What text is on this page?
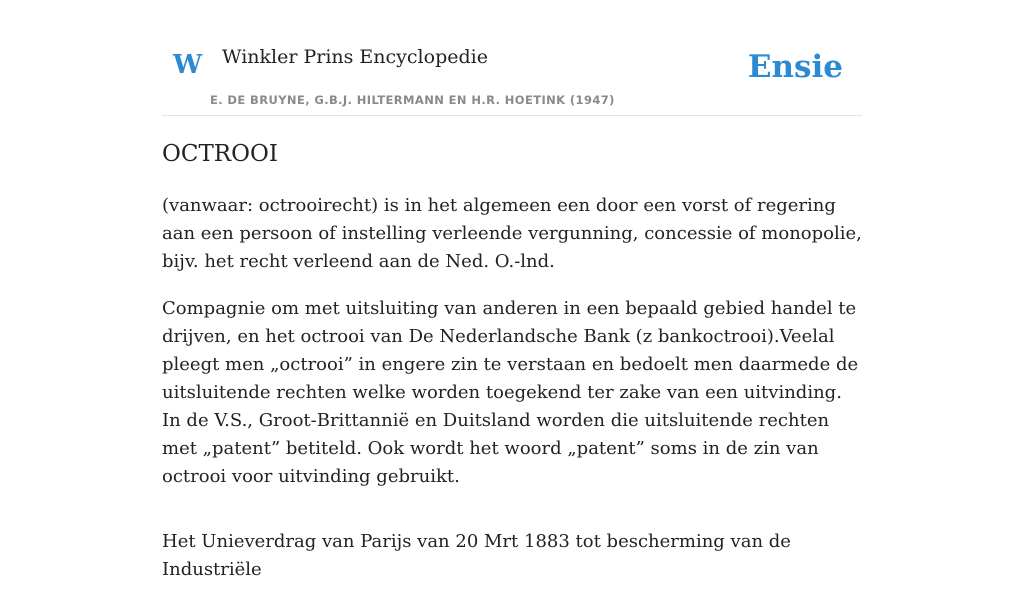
W Winkler Prins Encyclopedie
E. DE BRUYNE, G.B.J. HILTERMANN EN H.R. HOETINK (1947)
Ensie
OCTROOI

(vanwaar: octrooirecht) is in het algemeen een door een vorst of regering aan een persoon of instelling verleende vergunning, concessie of monopolie, bijv. het recht verleend aan de Ned. O.-lnd.

Compagnie om met uitsluiting van anderen in een bepaald gebied handel te drijven, en het octrooi van De Nederlandsche Bank (z bankoctrooi).Veelal pleegt men „octrooi” in engere zin te verstaan en bedoelt men daarmede de uitsluitende rechten welke worden toegekend ter zake van een uitvinding. In de V.S., Groot-Brittannië en Duitsland worden die uitsluitende rechten met „patent” betiteld. Ook wordt het woord „patent” soms in de zin van octrooi voor uitvinding gebruikt.

Het Unieverdrag van Parijs van 20 Mrt 1883 tot bescherming van de Industriële
